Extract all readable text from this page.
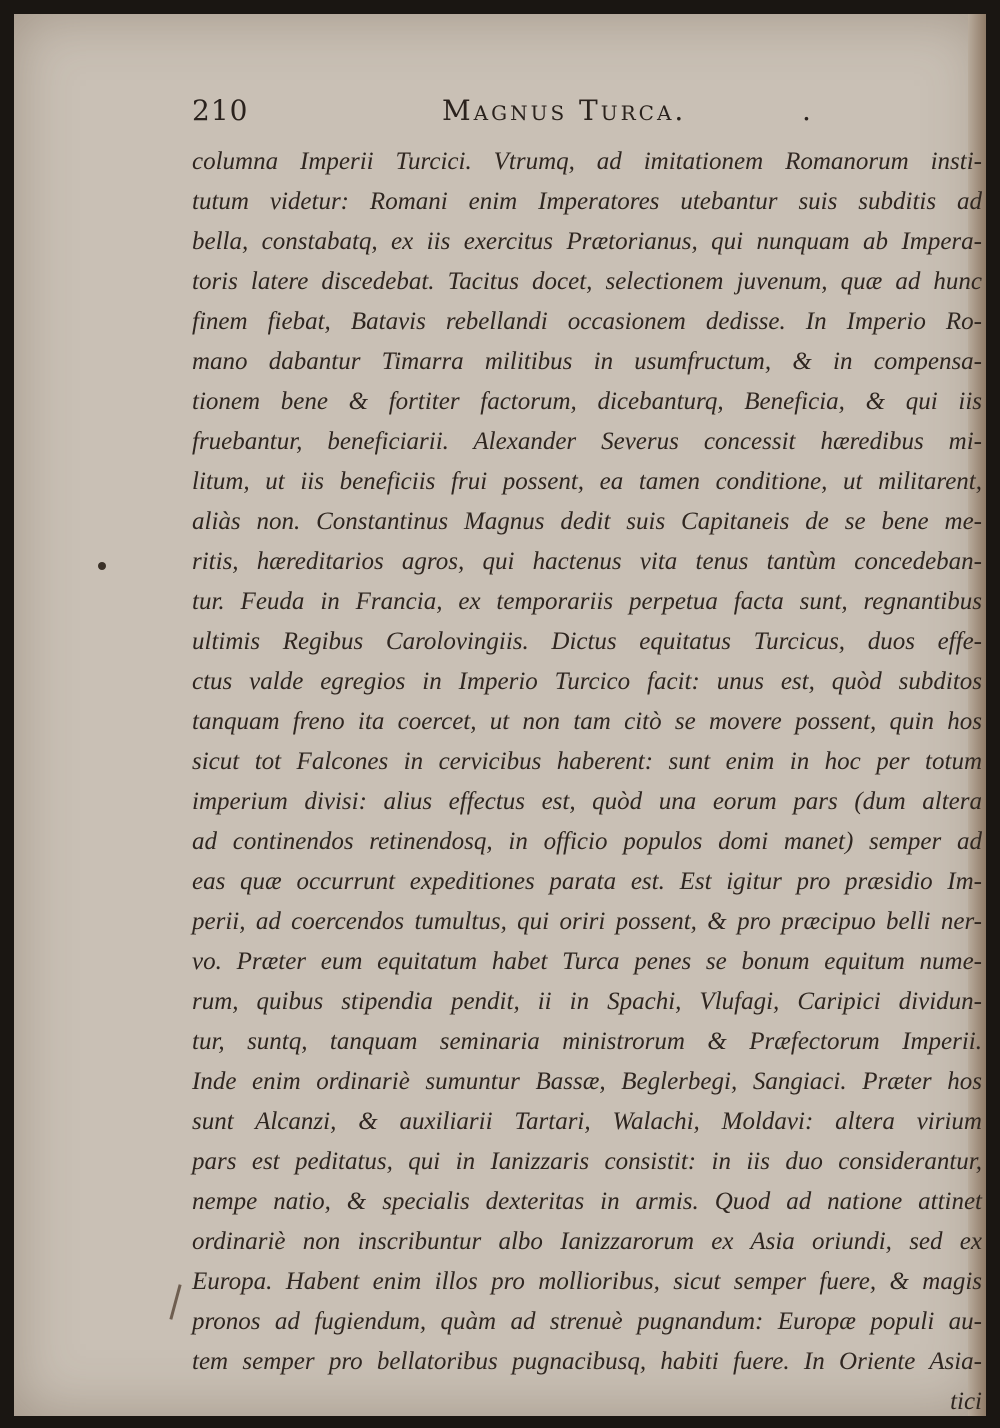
210	Magnus Turca.	.
columna Imperii Turcici. Vtrumq, ad imitationem Romanorum insti-
tutum videtur: Romani enim Imperatores utebantur suis subditis ad
bella, constabatq, ex iis exercitus Prætorianus, qui nunquam ab Impera-
toris latere discedebat. Tacitus docet, selectionem juvenum, quæ ad hunc
finem fiebat, Batavis rebellandi occasionem dedisse. In Imperio Ro-
mano dabantur Timarra militibus in usumfructum, & in compensa-
tionem bene & fortiter factorum, dicebanturq, Beneficia, & qui iis
fruebantur, beneficiarii. Alexander Severus concessit hæredibus mi-
litum, ut iis beneficiis frui possent, ea tamen conditione, ut militarent,
aliàs non. Constantinus Magnus dedit suis Capitaneis de se bene me-
ritis, hæreditarios agros, qui hactenus vita tenus tantùm concedeban-
tur. Feuda in Francia, ex temporariis perpetua facta sunt, regnantibus
ultimis Regibus Carolovingiis. Dictus equitatus Turcicus, duos effe-
ctus valde egregios in Imperio Turcico facit: unus est, quòd subditos
tanquam freno ita coercet, ut non tam citò se movere possent, quin hos
sicut tot Falcones in cervicibus haberent: sunt enim in hoc per totum
imperium divisi: alius effectus est, quòd una eorum pars (dum altera
ad continendos retinendosq, in officio populos domi manet) semper ad
eas quæ occurrunt expeditiones parata est. Est igitur pro præsidio Im-
perii, ad coercendos tumultus, qui oriri possent, & pro præcipuo belli ner-
vo. Præter eum equitatum habet Turca penes se bonum equitum nume-
rum, quibus stipendia pendit, ii in Spachi, Vlufagi, Caripici dividun-
tur, suntq, tanquam seminaria ministrorum & Præfectorum Imperii.
Inde enim ordinariè sumuntur Bassæ, Beglerbegi, Sangiaci. Præter hos
sunt Alcanzi, & auxiliarii Tartari, Walachi, Moldavi: altera virium
pars est peditatus, qui in Ianizzaris consistit: in iis duo considerantur,
nempe natio, & specialis dexteritas in armis. Quod ad natione attinet
ordinariè non inscribuntur albo Ianizzarorum ex Asia oriundi, sed ex
Europa. Habent enim illos pro mollioribus, sicut semper fuere, & magis
pronos ad fugiendum, quàm ad strenuè pugnandum: Europæ populi au-
tem semper pro bellatoribus pugnacibusq, habiti fuere. In Oriente Asia-
tici
